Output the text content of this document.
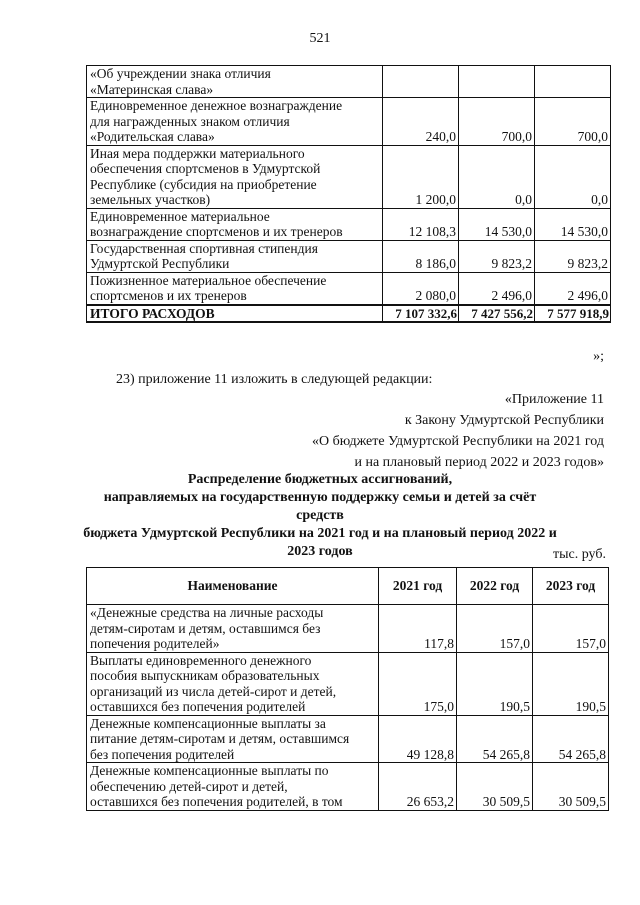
521
«Об учреждении знака отличия
«Материнская слава»			

Единовременное денежное вознаграждение
для награжденных знаком отличия
«Родительская слава»	240,0	700,0	700,0

Иная мера поддержки материального
обеспечения спортсменов в Удмуртской
Республике (субсидия на приобретение
земельных участков)	1 200,0	0,0	0,0

Единовременное материальное
вознаграждение спортсменов и их тренеров	12 108,3	14 530,0	14 530,0

Государственная спортивная стипендия
Удмуртской Республики	8 186,0	9 823,2	9 823,2

Пожизненное материальное обеспечение
спортсменов и их тренеров	2 080,0	2 496,0	2 496,0
ИТОГО РАСХОДОВ	7 107 332,6	7 427 556,2	7 577 918,9
»;
23) приложение 11 изложить в следующей редакции:
«Приложение 11
к Закону Удмуртской Республики
«О бюджете Удмуртской Республики на 2021 год
и на плановый период 2022 и 2023 годов»
Распределение бюджетных ассигнований,
направляемых на государственную поддержку семьи и детей за счёт средств
бюджета Удмуртской Республики на 2021 год и на плановый период 2022 и
2023 годов	тыс. руб.
Наименование	2021 год	2022 год	2023 год

«Денежные средства на личные расходы
детям-сиротам и детям, оставшимся без
попечения родителей»	117,8	157,0	157,0

Выплаты единовременного денежного
пособия выпускникам образовательных
организаций из числа детей-сирот и детей,
оставшихся без попечения родителей	175,0	190,5	190,5

Денежные компенсационные выплаты за
питание детям-сиротам и детям, оставшимся
без попечения родителей	49 128,8	54 265,8	54 265,8

Денежные компенсационные выплаты по
обеспечению детей-сирот и детей,
оставшихся без попечения родителей, в том	26 653,2	30 509,5	30 509,5
